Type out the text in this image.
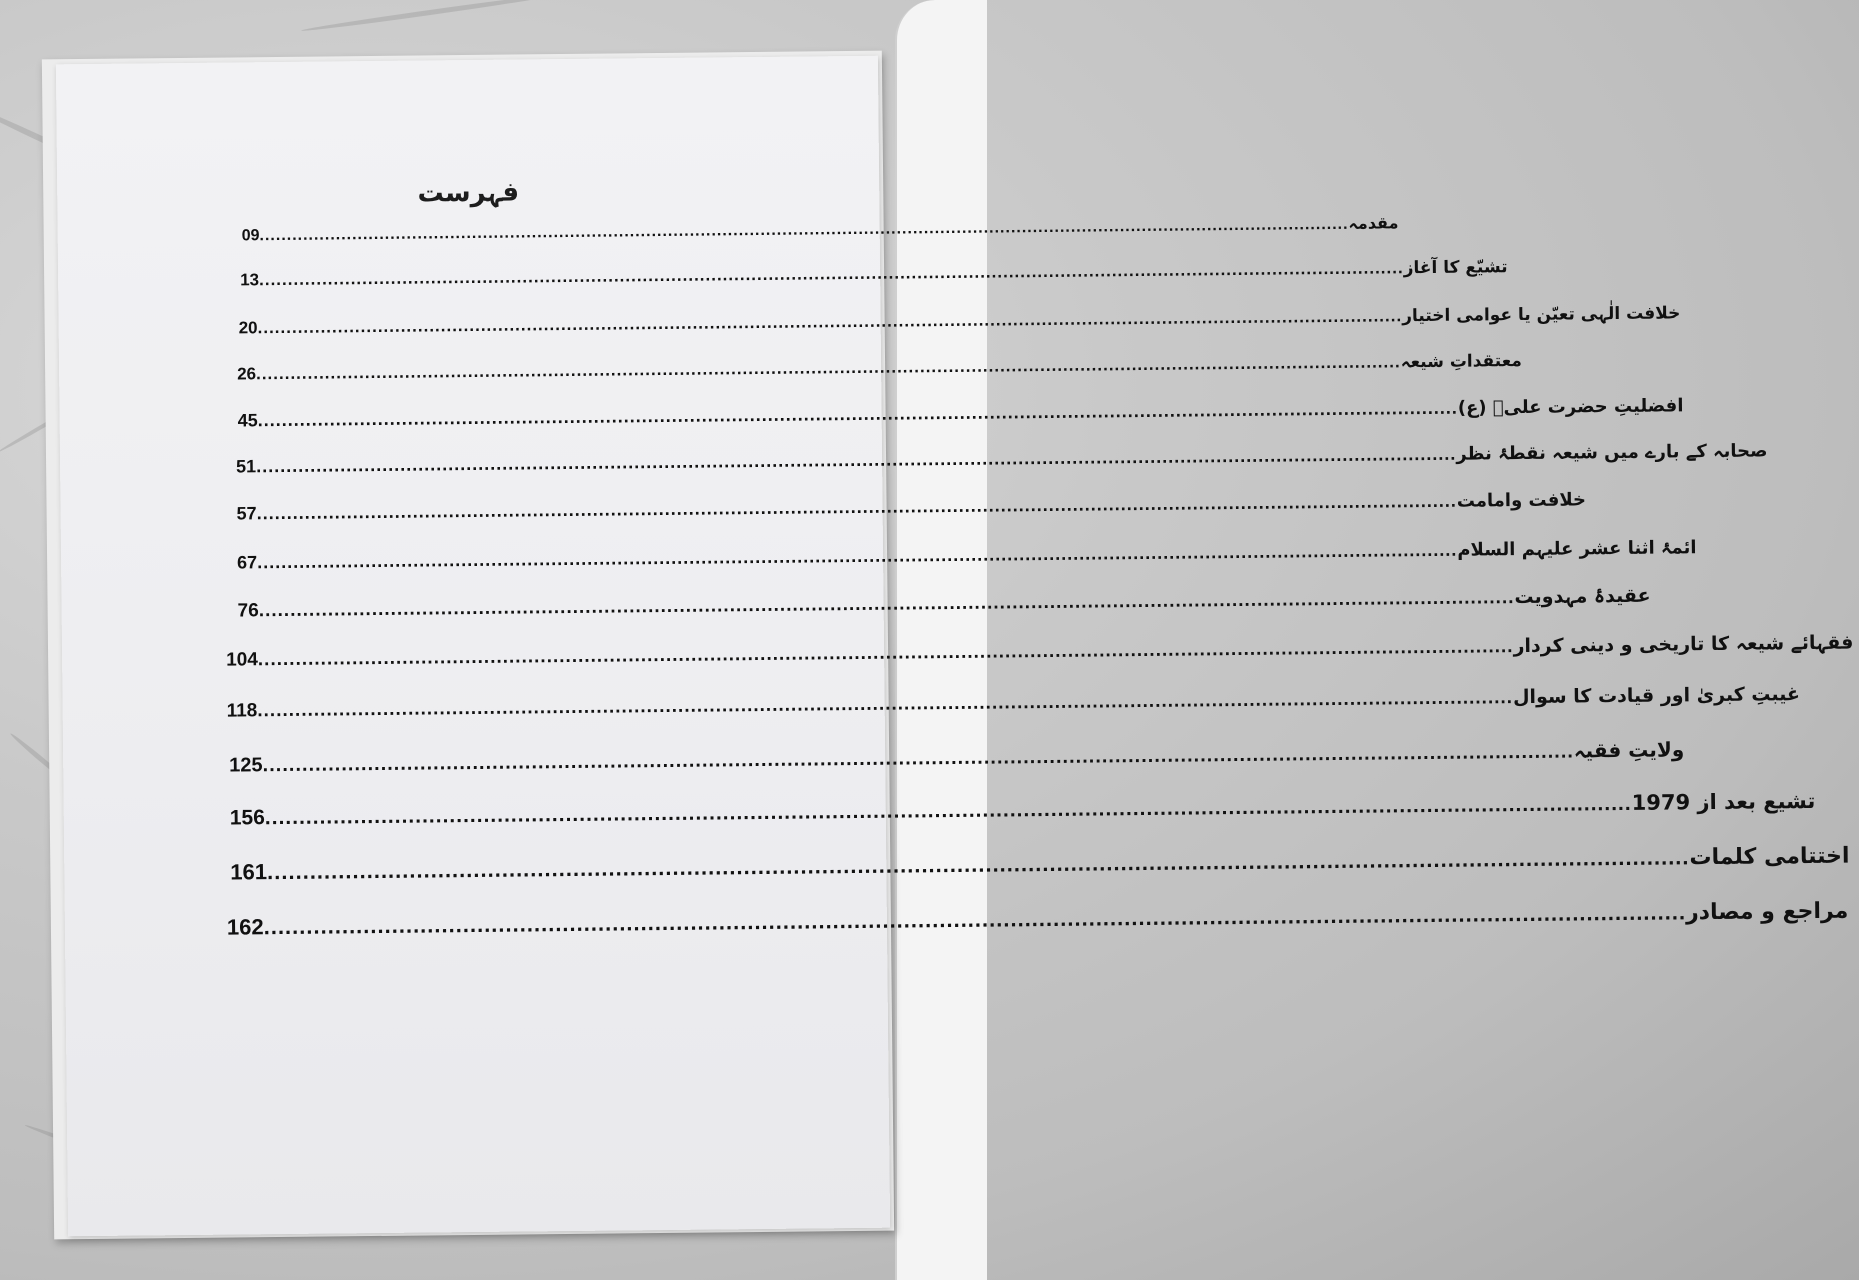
فہرست
09 ........................................................................................................................................................................................................ مقدمہ
13 ........................................................................................................................................................................................................ تشیّع کا آغاز
20 ........................................................................................................................................................................................................ خلافت الٰہی تعیّن یا عوامی اختیار
26 ........................................................................................................................................................................................................ معتقداتِ شیعہ
45 ........................................................................................................................................................................................................ افضلیتِ حضرت علیؑ (ع)
51 ........................................................................................................................................................................................................ صحابہ کے بارے میں شیعہ نقطۂ نظر
57 ........................................................................................................................................................................................................ خلافت وامامت
67 ........................................................................................................................................................................................................ ائمۂ اثنا عشر علیہم السلام
76 ........................................................................................................................................................................................................ عقیدۂ مہدویت
104 ........................................................................................................................................................................................................ فقہائے شیعہ کا تاریخی و دینی کردار
118 ........................................................................................................................................................................................................ غیبتِ کبریٰ اور قیادت کا سوال
125 ........................................................................................................................................................................................................ ولایتِ فقیہ
156 ........................................................................................................................................................................................................ تشیع بعد از 1979
161 ........................................................................................................................................................................................................ اختتامی کلمات
162 ........................................................................................................................................................................................................ مراجع و مصادر
